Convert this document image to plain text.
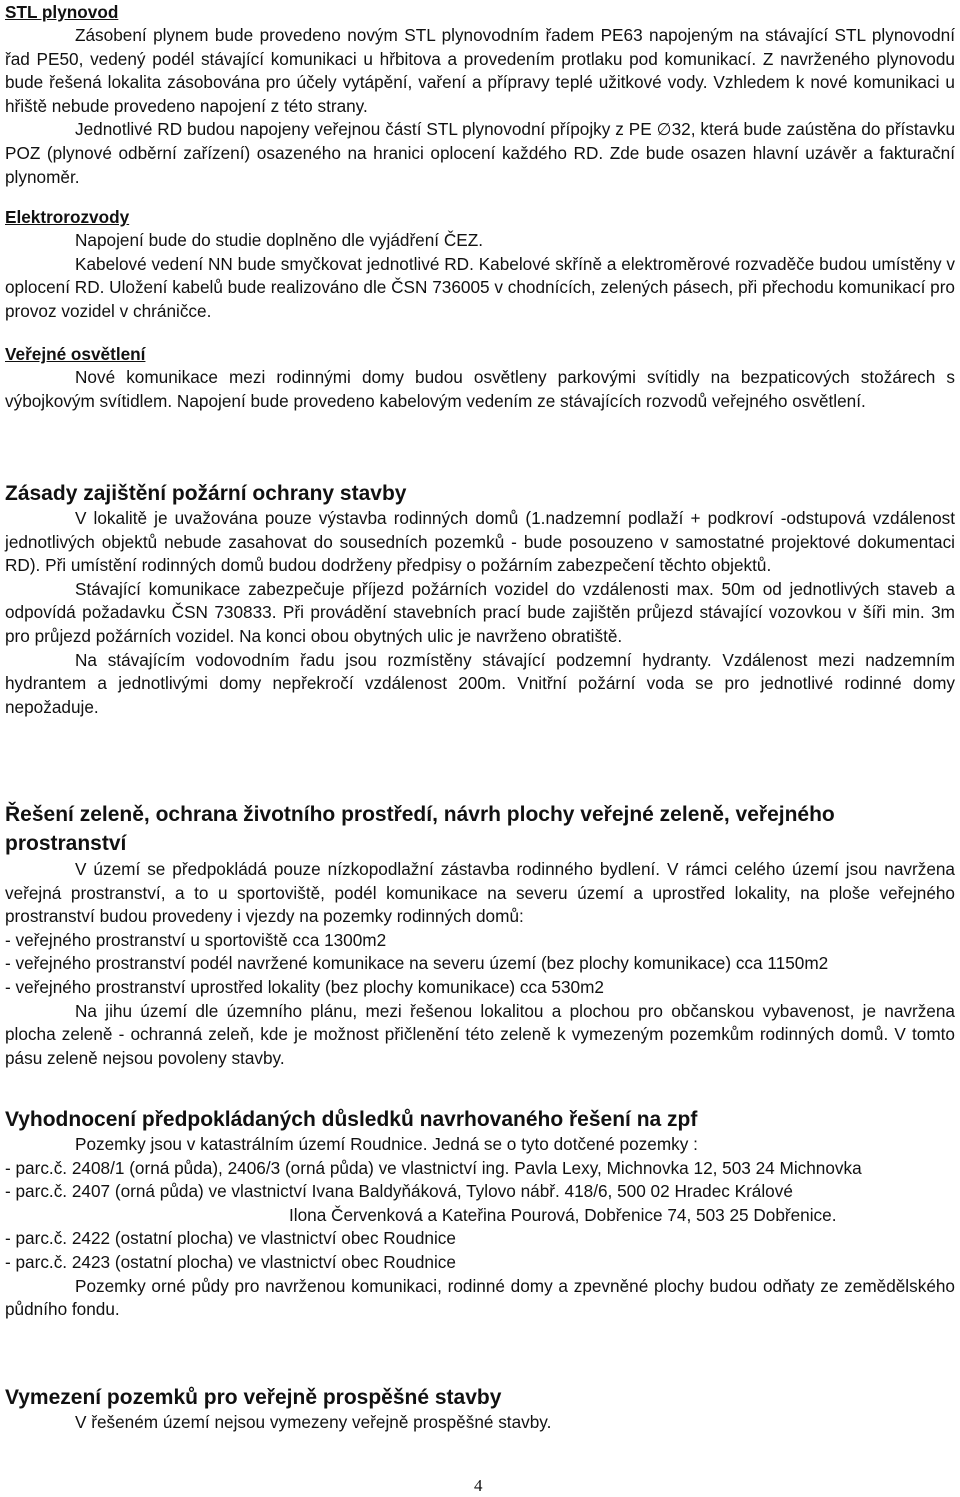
STL plynovod
Zásobení plynem bude provedeno novým STL plynovodním řadem PE63 napojeným na stávající STL plynovodní řad PE50, vedený podél stávající komunikaci u hřbitova a provedením protlaku pod komunikací. Z navrženého plynovodu bude řešená lokalita zásobována pro účely vytápění, vaření a přípravy teplé užitkové vody. Vzhledem k nové komunikaci u hřiště nebude provedeno napojení z této strany.
Jednotlivé RD budou napojeny veřejnou částí STL plynovodní přípojky z PE ∅32, která bude zaústěna do přístavku POZ (plynové odběrní zařízení) osazeného na hranici oplocení každého RD. Zde bude osazen hlavní uzávěr a fakturační plynoměr.
Elektrorozvody
Napojení bude do studie doplněno dle vyjádření ČEZ.
Kabelové vedení NN bude smyčkovat jednotlivé RD. Kabelové skříně a elektroměrové rozvaděče budou umístěny v oplocení RD. Uložení kabelů bude realizováno dle ČSN 736005 v chodnících, zelených pásech, při přechodu komunikací pro provoz vozidel v chráničce.
Veřejné osvětlení
Nové komunikace mezi rodinnými domy budou osvětleny parkovými svítidly na bezpaticových stožárech s výbojkovým svítidlem. Napojení bude provedeno kabelovým vedením ze stávajících rozvodů veřejného osvětlení.
Zásady zajištění požární ochrany stavby
V lokalitě je uvažována pouze výstavba rodinných domů (1.nadzemní podlaží + podkroví -odstupová vzdálenost jednotlivých objektů nebude zasahovat do sousedních pozemků - bude posouzeno v samostatné projektové dokumentaci RD). Při umístění rodinných domů budou dodrženy předpisy o požárním zabezpečení těchto objektů.
Stávající komunikace zabezpečuje příjezd požárních vozidel do vzdálenosti max. 50m od jednotlivých staveb a odpovídá požadavku ČSN 730833. Při provádění stavebních prací bude zajištěn průjezd stávající vozovkou v šíři min. 3m pro průjezd požárních vozidel. Na konci obou obytných ulic je navrženo obratiště.
Na stávajícím vodovodním řadu jsou rozmístěny stávající podzemní hydranty. Vzdálenost mezi nadzemním hydrantem a jednotlivými domy nepřekročí vzdálenost 200m. Vnitřní požární voda se pro jednotlivé rodinné domy nepožaduje.
Řešení zeleně, ochrana životního prostředí, návrh plochy veřejné zeleně, veřejného prostranství
V území se předpokládá pouze nízkopodlažní zástavba rodinného bydlení. V rámci celého území jsou navržena veřejná prostranství, a to u sportoviště, podél komunikace na severu území a uprostřed lokality, na ploše veřejného prostranství budou provedeny i vjezdy na pozemky rodinných domů:
- veřejného prostranství u sportoviště cca 1300m2
- veřejného prostranství podél navržené komunikace na severu území (bez plochy komunikace) cca 1150m2
- veřejného prostranství uprostřed lokality (bez plochy komunikace) cca 530m2
Na jihu území dle územního plánu, mezi řešenou lokalitou a plochou pro občanskou vybavenost, je navržena plocha zeleně - ochranná zeleň, kde je možnost přičlenění této zeleně k vymezeným pozemkům rodinných domů. V tomto pásu zeleně nejsou povoleny stavby.
Vyhodnocení předpokládaných důsledků navrhovaného řešení na zpf
Pozemky jsou v katastrálním území Roudnice. Jedná se o tyto dotčené pozemky :
- parc.č. 2408/1 (orná půda), 2406/3 (orná půda) ve vlastnictví ing. Pavla Lexy, Michnovka 12, 503 24 Michnovka
- parc.č. 2407 (orná půda) ve vlastnictví Ivana Baldyňáková, Tylovo nábř. 418/6, 500 02 Hradec Králové
Ilona Červenková a Kateřina Pourová, Dobřenice 74, 503 25 Dobřenice.
- parc.č. 2422 (ostatní plocha) ve vlastnictví obec Roudnice
- parc.č. 2423 (ostatní plocha) ve vlastnictví obec Roudnice
Pozemky orné půdy pro navrženou komunikaci, rodinné domy a zpevněné plochy budou odňaty ze zemědělského půdního fondu.
Vymezení pozemků pro veřejně prospěšné stavby
V řešeném území nejsou vymezeny veřejně prospěšné stavby.
4
